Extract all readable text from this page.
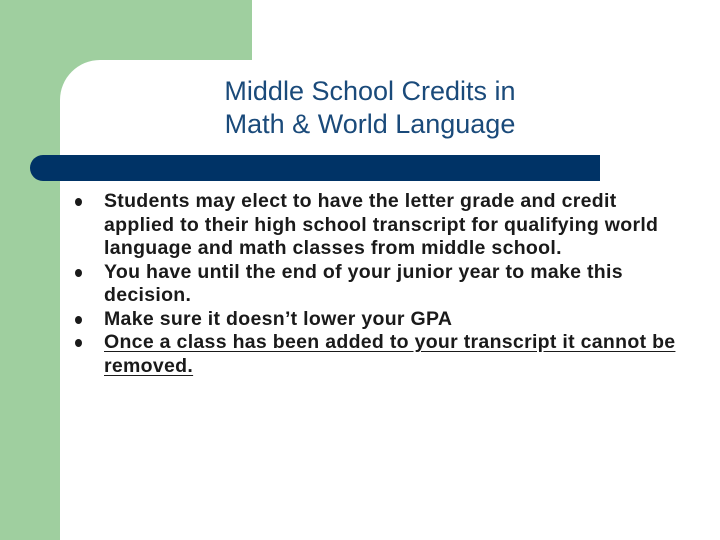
Middle School Credits in
Math & World Language
Students may elect to have the letter grade and credit applied to their high school transcript for qualifying world language and math classes from middle school.
You have until the end of your junior year to make this decision.
Make sure it doesn’t lower your GPA
Once a class has been added to your transcript it cannot be removed.
